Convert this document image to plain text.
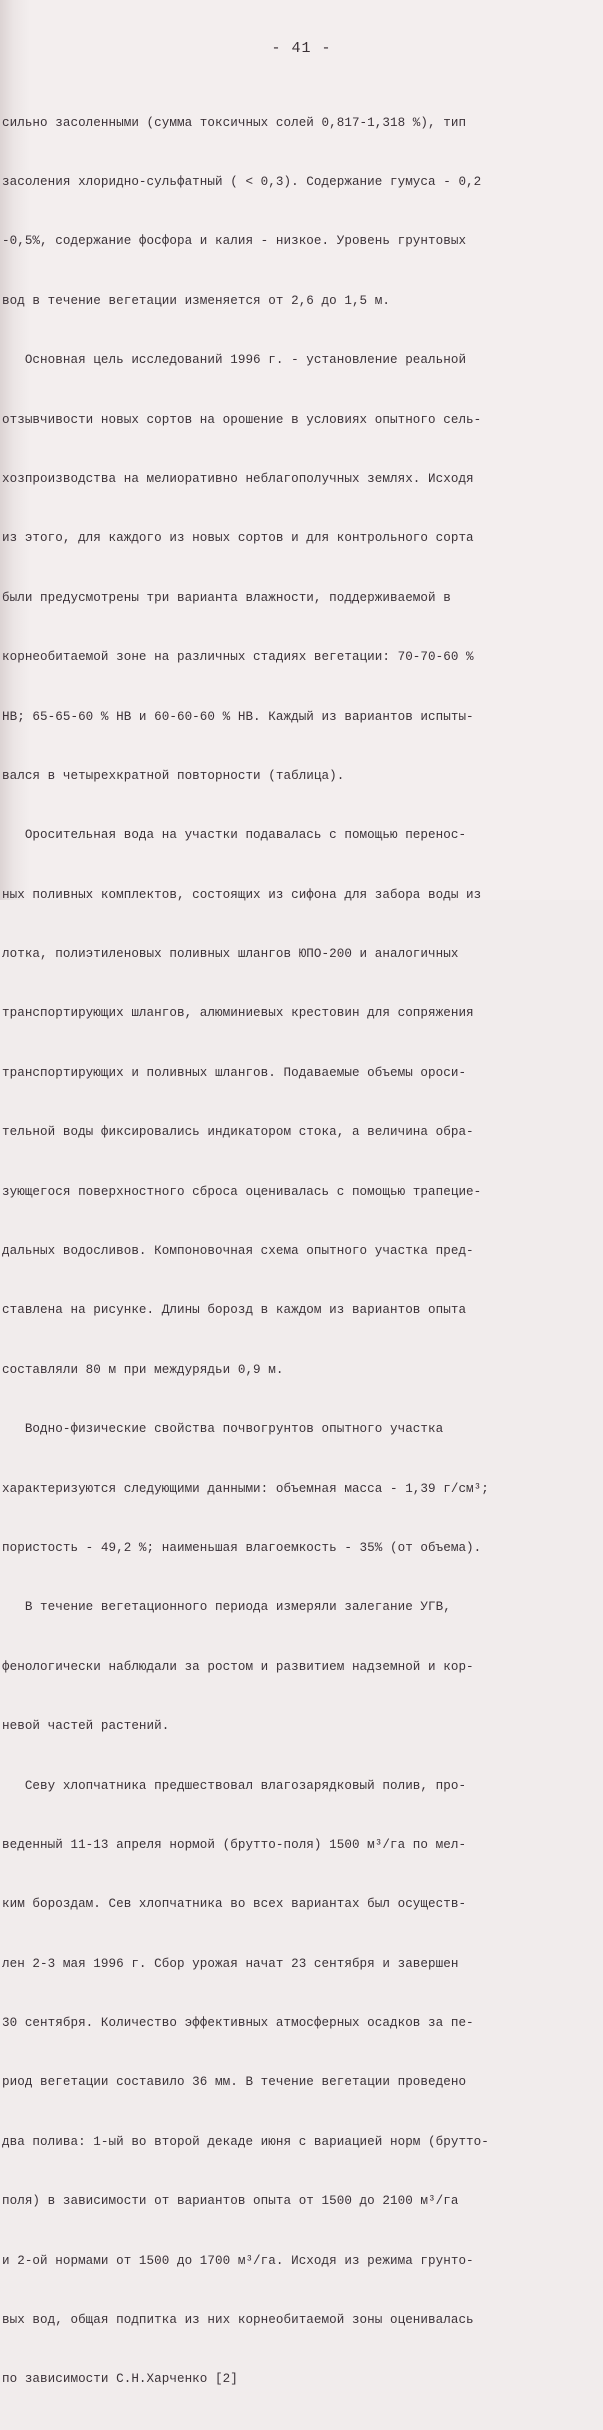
- 41 -

сильно засоленными (сумма токсичных солей 0,817-1,318 %), тип

засоления хлоридно-сульфатный ( < 0,3). Содержание гумуса - 0,2

-0,5%, содержание фосфора и калия - низкое. Уровень грунтовых

вод в течение вегетации изменяется от 2,6 до 1,5 м.

Основная цель исследований 1996 г. - установление реальной

отзывчивости новых сортов на орошение в условиях опытного сель-

хозпроизводства на мелиоративно неблагополучных землях. Исходя

из этого, для каждого из новых сортов и для контрольного сорта

были предусмотрены три варианта влажности, поддерживаемой в

корнеобитаемой зоне на различных стадиях вегетации: 70-70-60 %

НВ; 65-65-60 % НВ и 60-60-60 % НВ. Каждый из вариантов испыты-

вался в четырехкратной повторности (таблица).

Оросительная вода на участки подавалась с помощью перенос-

ных поливных комплектов, состоящих из сифона для забора воды из

лотка, полиэтиленовых поливных шлангов ЮПО-200 и аналогичных

транспортирующих шлангов, алюминиевых крестовин для сопряжения

транспортирующих и поливных шлангов. Подаваемые объемы ороси-

тельной воды фиксировались индикатором стока, а величина обра-

зующегося поверхностного сброса оценивалась с помощью трапецие-

дальных водосливов. Компоновочная схема опытного участка пред-

ставлена на рисунке. Длины борозд в каждом из вариантов опыта

составляли 80 м при междурядьи 0,9 м.

Водно-физические свойства почвогрунтов опытного участка

характеризуются следующими данными: объемная масса - 1,39 г/см³;

пористость - 49,2 %; наименьшая влагоемкость - 35% (от объема).

В течение вегетационного периода измеряли залегание УГВ,

фенологически наблюдали за ростом и развитием надземной и кор-

невой частей растений.

Севу хлопчатника предшествовал влагозарядковый полив, про-

веденный 11-13 апреля нормой (брутто-поля) 1500 м³/га по мел-

ким бороздам. Сев хлопчатника во всех вариантах был осуществ-

лен 2-3 мая 1996 г. Сбор урожая начат 23 сентября и завершен

30 сентября. Количество эффективных атмосферных осадков за пе-

риод вегетации составило 36 мм. В течение вегетации проведено

два полива: 1-ый во второй декаде июня с вариацией норм (брутто-

поля) в зависимости от вариантов опыта от 1500 до 2100 м³/га

и 2-ой нормами от 1500 до 1700 м³/га. Исходя из режима грунто-

вых вод, общая подпитка из них корнеобитаемой зоны оценивалась

по зависимости С.Н.Харченко [2]
